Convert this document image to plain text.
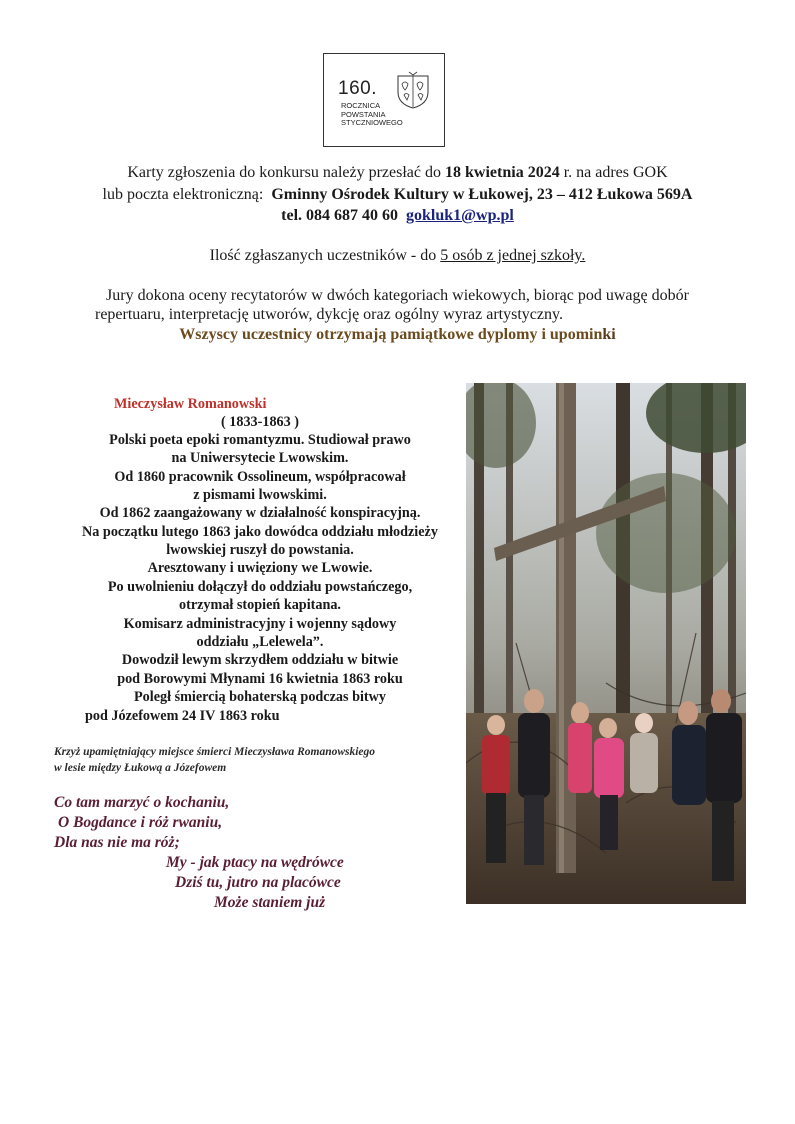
160.
ROCZNICA
POWSTANIA
STYCZNIOWEGO
Karty zgłoszenia do konkursu należy przesłać do 18 kwietnia 2024 r. na adres GOK
lub poczta elektroniczną: Gminny Ośrodek Kultury w Łukowej, 23 – 412 Łukowa 569A
tel. 084 687 40 60 gokluk1@wp.pl
Ilość zgłaszanych uczestników - do 5 osób z jednej szkoły.
Jury dokona oceny recytatorów w dwóch kategoriach wiekowych, biorąc pod uwagę dobór
repertuaru, interpretację utworów, dykcję oraz ogólny wyraz artystyczny.
Wszyscy uczestnicy otrzymają pamiątkowe dyplomy i upominki
Mieczysław Romanowski
( 1833-1863 )
Polski poeta epoki romantyzmu. Studiował prawo
na Uniwersytecie Lwowskim.
Od 1860 pracownik Ossolineum, współpracował
z pismami lwowskimi.
Od 1862 zaangażowany w działalność konspiracyjną.
Na początku lutego 1863 jako dowódca oddziału młodzieży
lwowskiej ruszył do powstania.
Aresztowany i uwięziony we Lwowie.
Po uwolnieniu dołączył do oddziału powstańczego,
otrzymał stopień kapitana.
Komisarz administracyjny i wojenny sądowy
oddziału „Lelewela”.
Dowodził lewym skrzydłem oddziału w bitwie
pod Borowymi Młynami 16 kwietnia 1863 roku
Poległ śmiercią bohaterską podczas bitwy
pod Józefowem 24 IV 1863 roku
Krzyż upamiętniający miejsce śmierci Mieczysława Romanowskiego
w lesie między Łukową a Józefowem
Co tam marzyć o kochaniu,
O Bogdance i róż rwaniu,
Dla nas nie ma róż;
My - jak ptacy na wędrówce
Dziś tu, jutro na placówce
Może staniem już
